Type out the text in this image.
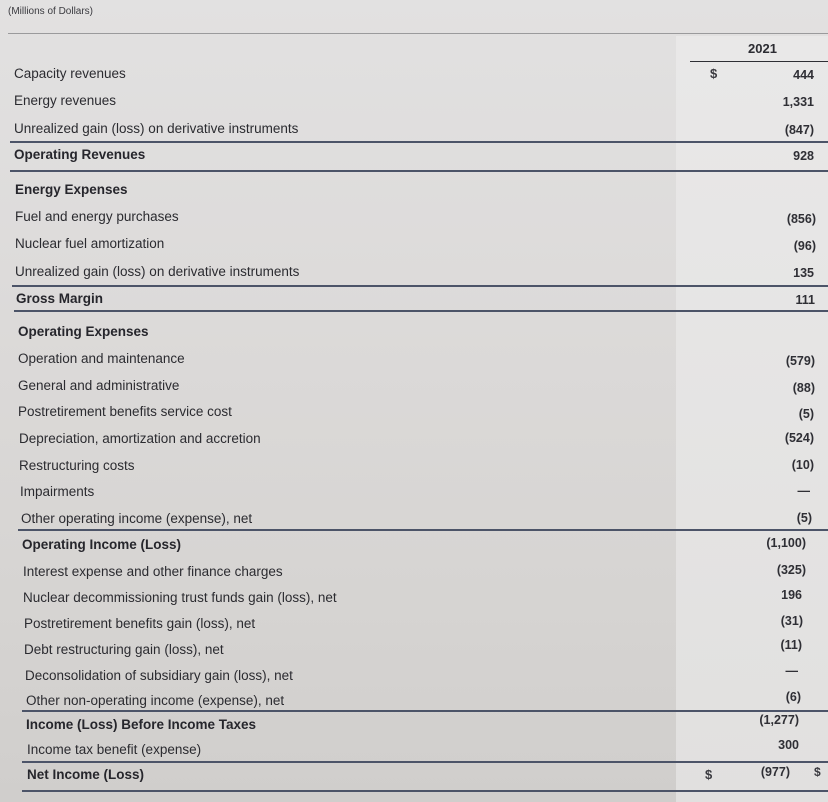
(Millions of Dollars)
2021
Capacity revenues	$	444
Energy revenues	1,331
Unrealized gain (loss) on derivative instruments	(847)
Operating Revenues	928
Energy Expenses
Fuel and energy purchases	(856)
Nuclear fuel amortization	(96)
Unrealized gain (loss) on derivative instruments	135
Gross Margin	111
Operating Expenses
Operation and maintenance	(579)
General and administrative	(88)
Postretirement benefits service cost	(5)
Depreciation, amortization and accretion	(524)
Restructuring costs	(10)
Impairments	—
Other operating income (expense), net	(5)
Operating Income (Loss)	(1,100)
Interest expense and other finance charges	(325)
Nuclear decommissioning trust funds gain (loss), net	196
Postretirement benefits gain (loss), net	(31)
Debt restructuring gain (loss), net	(11)
Deconsolidation of subsidiary gain (loss), net	—
Other non-operating income (expense), net	(6)
Income (Loss) Before Income Taxes	(1,277)
Income tax benefit (expense)	300
Net Income (Loss)	$	(977) $
